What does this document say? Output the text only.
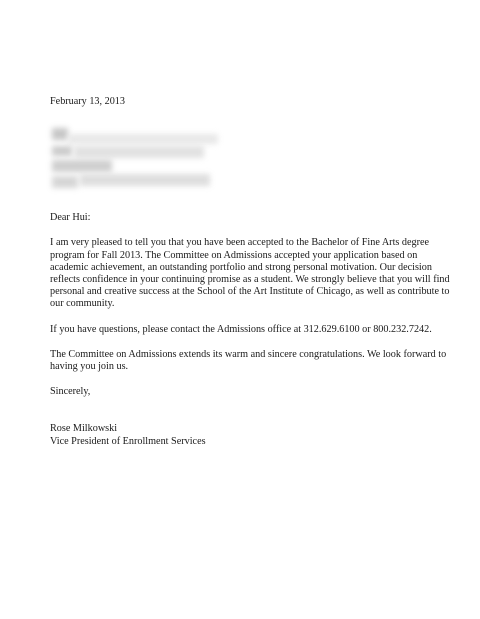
February 13, 2013

Dear Hui:

I am very pleased to tell you that you have been accepted to the Bachelor of Fine Arts degree program for Fall 2013. The Committee on Admissions accepted your application based on academic achievement, an outstanding portfolio and strong personal motivation. Our decision reflects confidence in your continuing promise as a student. We strongly believe that you will find personal and creative success at the School of the Art Institute of Chicago, as well as contribute to our community.

If you have questions, please contact the Admissions office at 312.629.6100 or 800.232.7242.

The Committee on Admissions extends its warm and sincere congratulations. We look forward to having you join us.

Sincerely,

Rose Milkowski

Vice President of Enrollment Services
